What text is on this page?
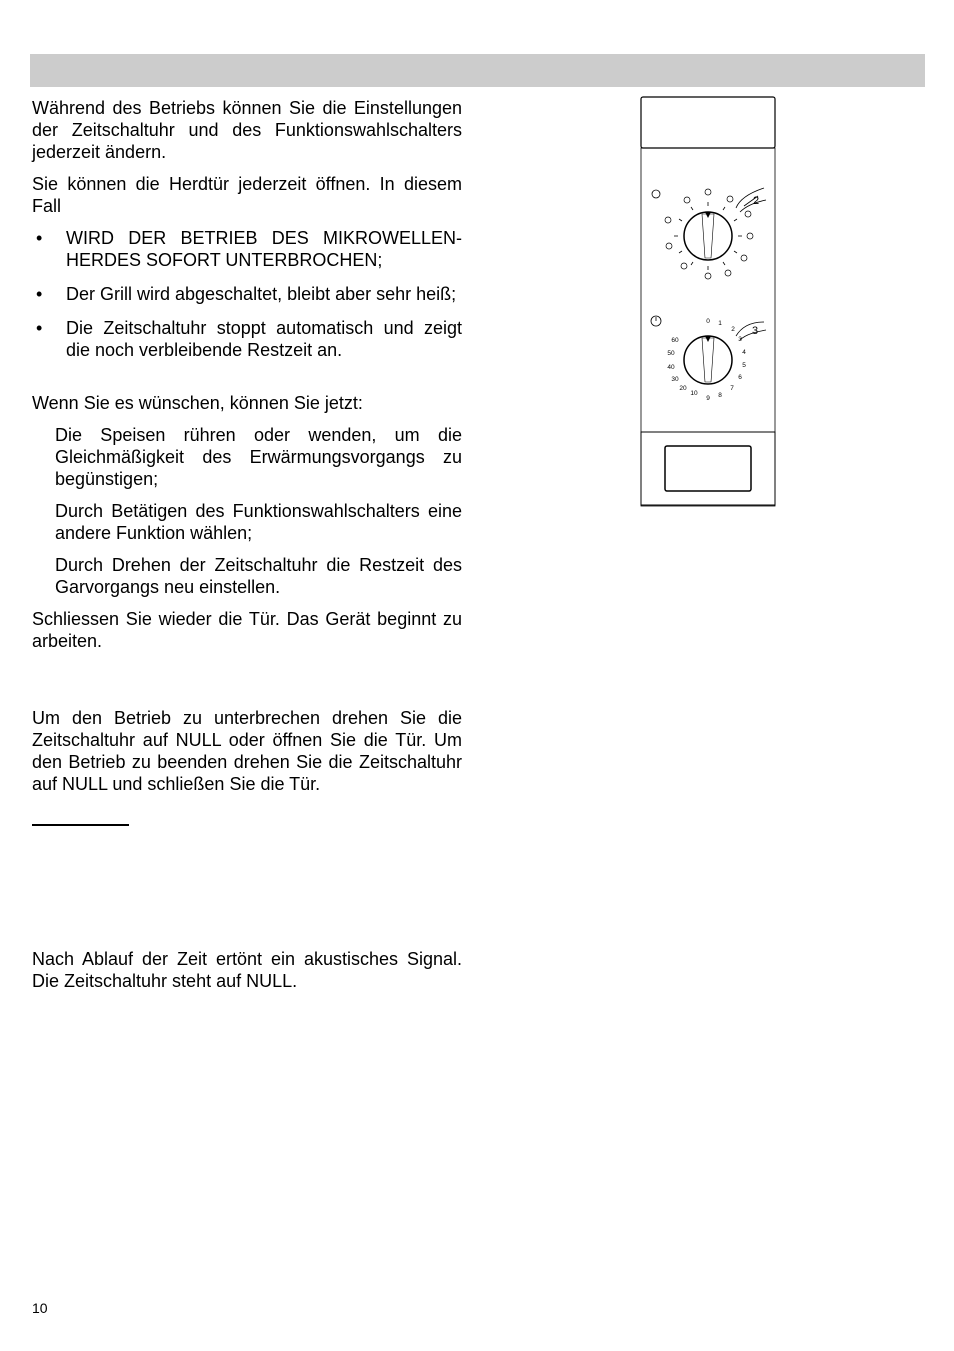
Während des Betriebs können Sie die Einstellungen der Zeitschaltuhr und des Funktionswahlschalters jederzeit ändern.

Sie können die Herdtür jederzeit öffnen. In diesem Fall

• WIRD DER BETRIEB DES MIKROWELLEN-HERDES SOFORT UNTERBROCHEN;
• Der Grill wird abgeschaltet, bleibt aber sehr heiß;
• Die Zeitschaltuhr stoppt automatisch und zeigt die noch verbleibende Restzeit an.

Wenn Sie es wünschen, können Sie jetzt:

Die Speisen rühren oder wenden, um die Gleichmäßigkeit des Erwärmungsvorgangs zu begünstigen;

Durch Betätigen des Funktionswahlschalters eine andere Funktion wählen;

Durch Drehen der Zeitschaltuhr die Restzeit des Garvorgangs neu einstellen.

Schliessen Sie wieder die Tür. Das Gerät beginnt zu arbeiten.

Um den Betrieb zu unterbrechen drehen Sie die Zeitschaltuhr auf NULL oder öffnen Sie die Tür. Um den Betrieb zu beenden drehen Sie die Zeitschaltuhr auf NULL und schließen Sie die Tür.

Nach Ablauf der Zeit ertönt ein akustisches Signal. Die Zeitschaltuhr steht auf NULL.

10
2
0 1
2
3
4
5
6
7
8
9
10
20
30
40
50
60
3
